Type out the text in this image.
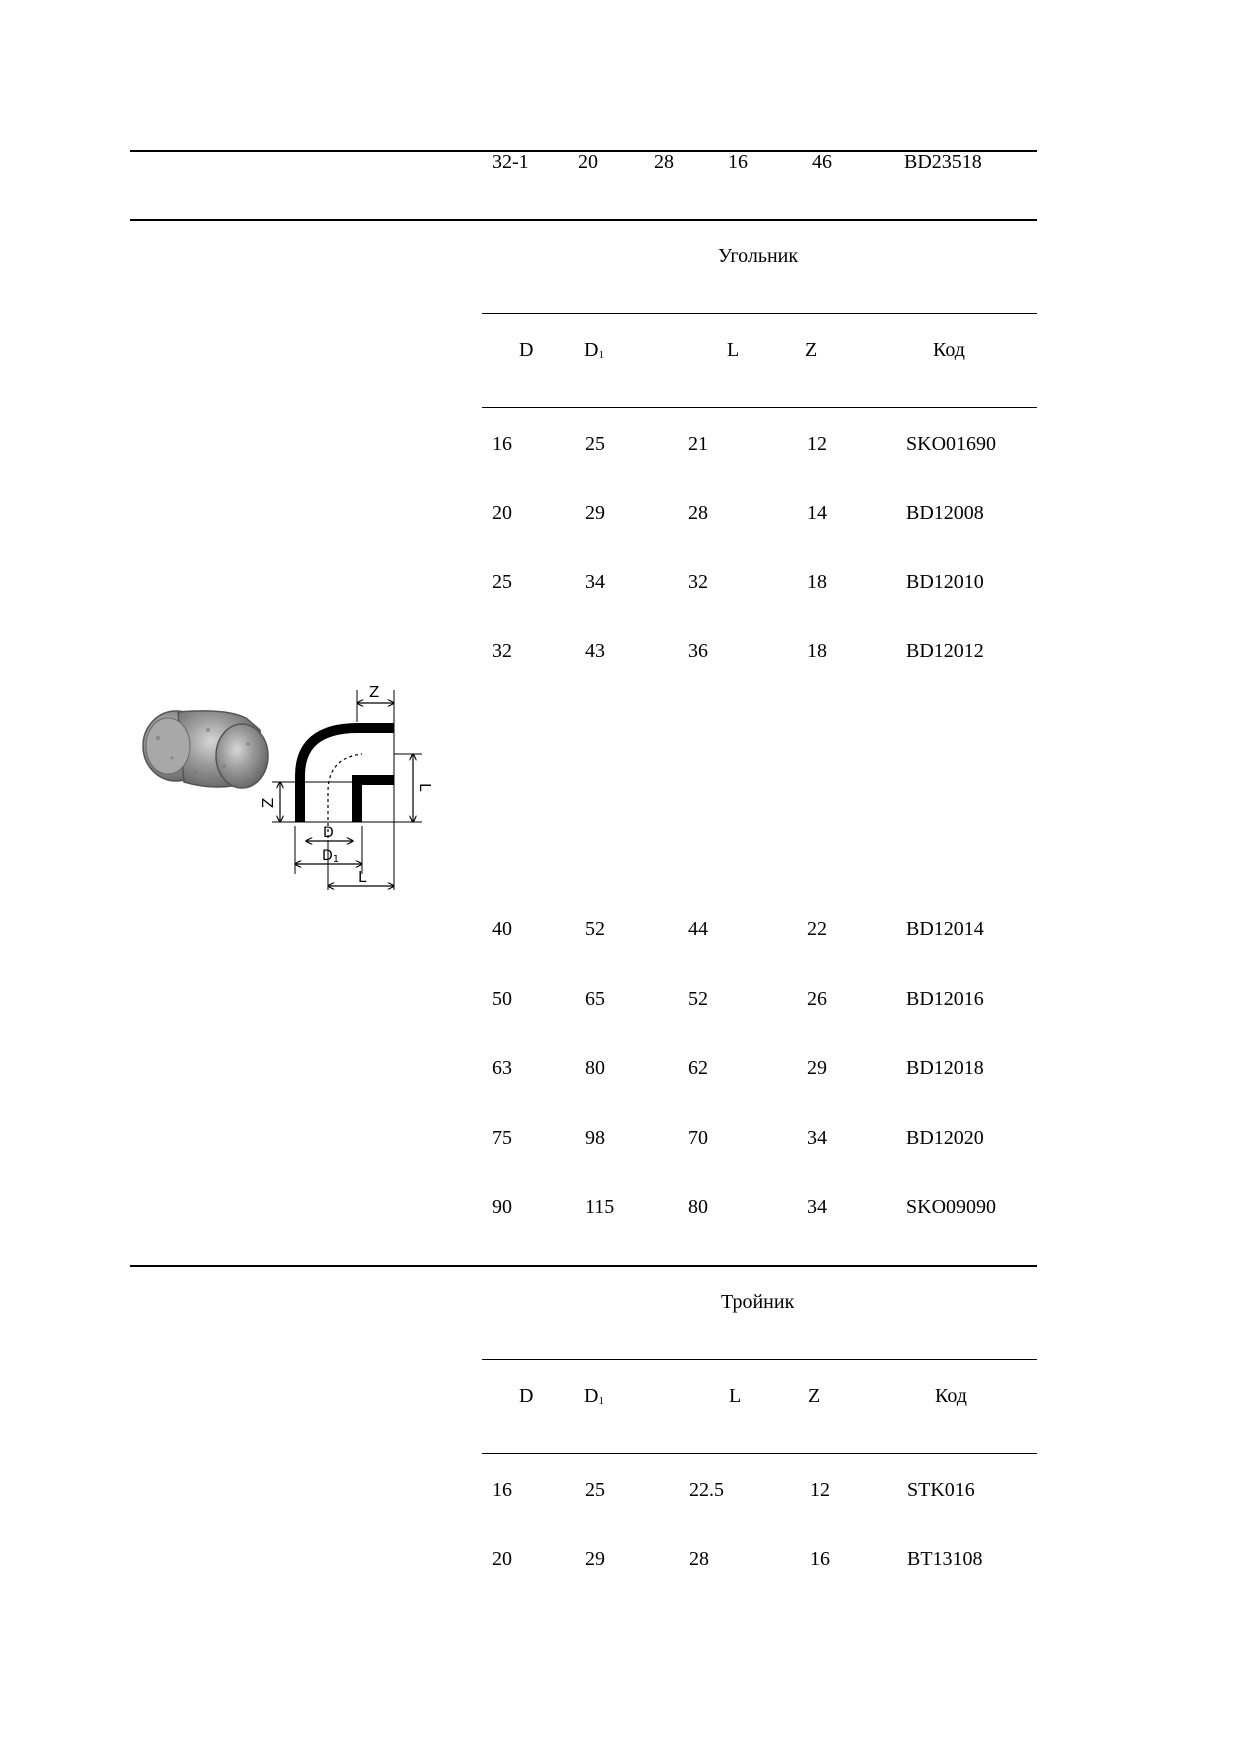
32-1 20	28	16	46	BD23518
Угольник
D	$D_1$	L	Z	Код
16	25	21	12	SKO01690
20	29	28	14	BD12008
25	34	32	18	BD12010
32	43	36	18	BD12012
40	52	44	22	BD12014
50	65	52	26	BD12016
63	80	62	29	BD12018
75	98	70	34	BD12020
90	115	80	34	SKO09090
Z
Z
L
D
D1
L
Тройник
D	$D_1$	L	Z	Код
16	25	22.5	12	STK016
20	29	28	16	BT13108
